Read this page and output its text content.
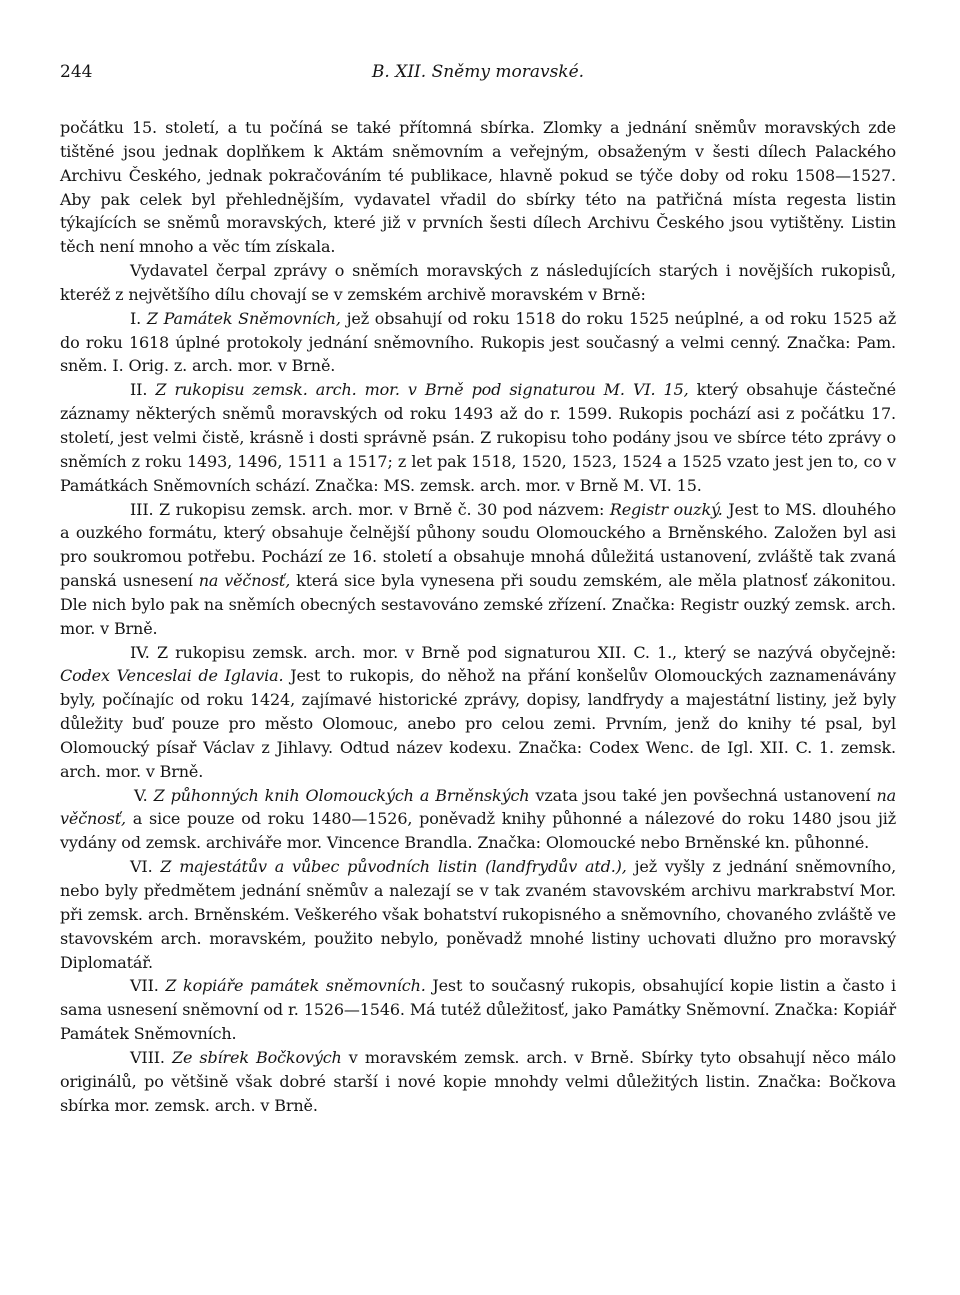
244	B. XII. Sněmy moravské.

počátku 15. století, a tu počíná se také přítomná sbírka. Zlomky a jednání sněmův moravských zde tištěné jsou jednak doplňkem k Aktám sněmovním a veřejným, obsaženým v šesti dílech Palackého Archivu Českého, jednak pokračováním té publikace, hlavně pokud se týče doby od roku 1508—1527. Aby pak celek byl přehlednějším, vydavatel vřadil do sbírky této na patřičná místa regesta listin týkajících se sněmů moravských, které již v prvních šesti dílech Archivu Českého jsou vytištěny. Listin těch není mnoho a věc tím získala.

Vydavatel čerpal zprávy o sněmích moravských z následujících starých i novějších rukopisů, kteréž z největšího dílu chovají se v zemském archivě moravském v Brně:

I. Z Památek Sněmovních, jež obsahují od roku 1518 do roku 1525 neúplné, a od roku 1525 až do roku 1618 úplné protokoly jednání sněmovního. Rukopis jest současný a velmi cenný. Značka: Pam. sněm. I. Orig. z. arch. mor. v Brně.

II. Z rukopisu zemsk. arch. mor. v Brně pod signaturou M. VI. 15, který obsahuje částečné záznamy některých sněmů moravských od roku 1493 až do r. 1599. Rukopis pochází asi z počátku 17. století, jest velmi čistě, krásně i dosti správně psán. Z rukopisu toho podány jsou ve sbírce této zprávy o sněmích z roku 1493, 1496, 1511 a 1517; z let pak 1518, 1520, 1523, 1524 a 1525 vzato jest jen to, co v Památkách Sněmovních schází. Značka: MS. zemsk. arch. mor. v Brně M. VI. 15.

III. Z rukopisu zemsk. arch. mor. v Brně č. 30 pod názvem: Registr ouzký. Jest to MS. dlouhého a ouzkého formátu, který obsahuje čelnější půhony soudu Olomouckého a Brněnského. Založen byl asi pro soukromou potřebu. Pochází ze 16. století a obsahuje mnohá důležitá ustanovení, zvláště tak zvaná panská usnesení na věčnosť, která sice byla vynesena při soudu zemském, ale měla platnosť zákonitou. Dle nich bylo pak na sněmích obecných sestavováno zemské zřízení. Značka: Registr ouzký zemsk. arch. mor. v Brně.

IV. Z rukopisu zemsk. arch. mor. v Brně pod signaturou XII. C. 1., který se nazývá obyčejně: Codex Venceslai de Iglavia. Jest to rukopis, do něhož na přání konšelův Olomouckých zaznamenávány byly, počínajíc od roku 1424, zajímavé historické zprávy, dopisy, landfrydy a majestátní listiny, jež byly důležity buď pouze pro město Olomouc, anebo pro celou zemi. Prvním, jenž do knihy té psal, byl Olomoucký písař Václav z Jihlavy. Odtud název kodexu. Značka: Codex Wenc. de Igl. XII. C. 1. zemsk. arch. mor. v Brně.

V. Z půhonných knih Olomouckých a Brněnských vzata jsou také jen povšechná ustanovení na věčnosť, a sice pouze od roku 1480—1526, poněvadž knihy půhonné a nálezové do roku 1480 jsou již vydány od zemsk. archiváře mor. Vincence Brandla. Značka: Olomoucké nebo Brněnské kn. půhonné.

VI. Z majestátův a vůbec původních listin (landfrydův atd.), jež vyšly z jednání sněmovního, nebo byly předmětem jednání sněmův a nalezají se v tak zvaném stavovském archivu markrabství Mor. při zemsk. arch. Brněnském. Veškerého však bohatství rukopisného a sněmovního, chovaného zvláště ve stavovském arch. moravském, použito nebylo, poněvadž mnohé listiny uchovati dlužno pro moravský Diplomatář.

VII. Z kopiáře památek sněmovních. Jest to současný rukopis, obsahující kopie listin a často i sama usnesení sněmovní od r. 1526—1546. Má tutéž důležitosť, jako Památky Sněmovní. Značka: Kopiář Památek Sněmovních.

VIII. Ze sbírek Bočkových v moravském zemsk. arch. v Brně. Sbírky tyto obsahují něco málo originálů, po většině však dobré starší i nové kopie mnohdy velmi důležitých listin. Značka: Bočkova sbírka mor. zemsk. arch. v Brně.
